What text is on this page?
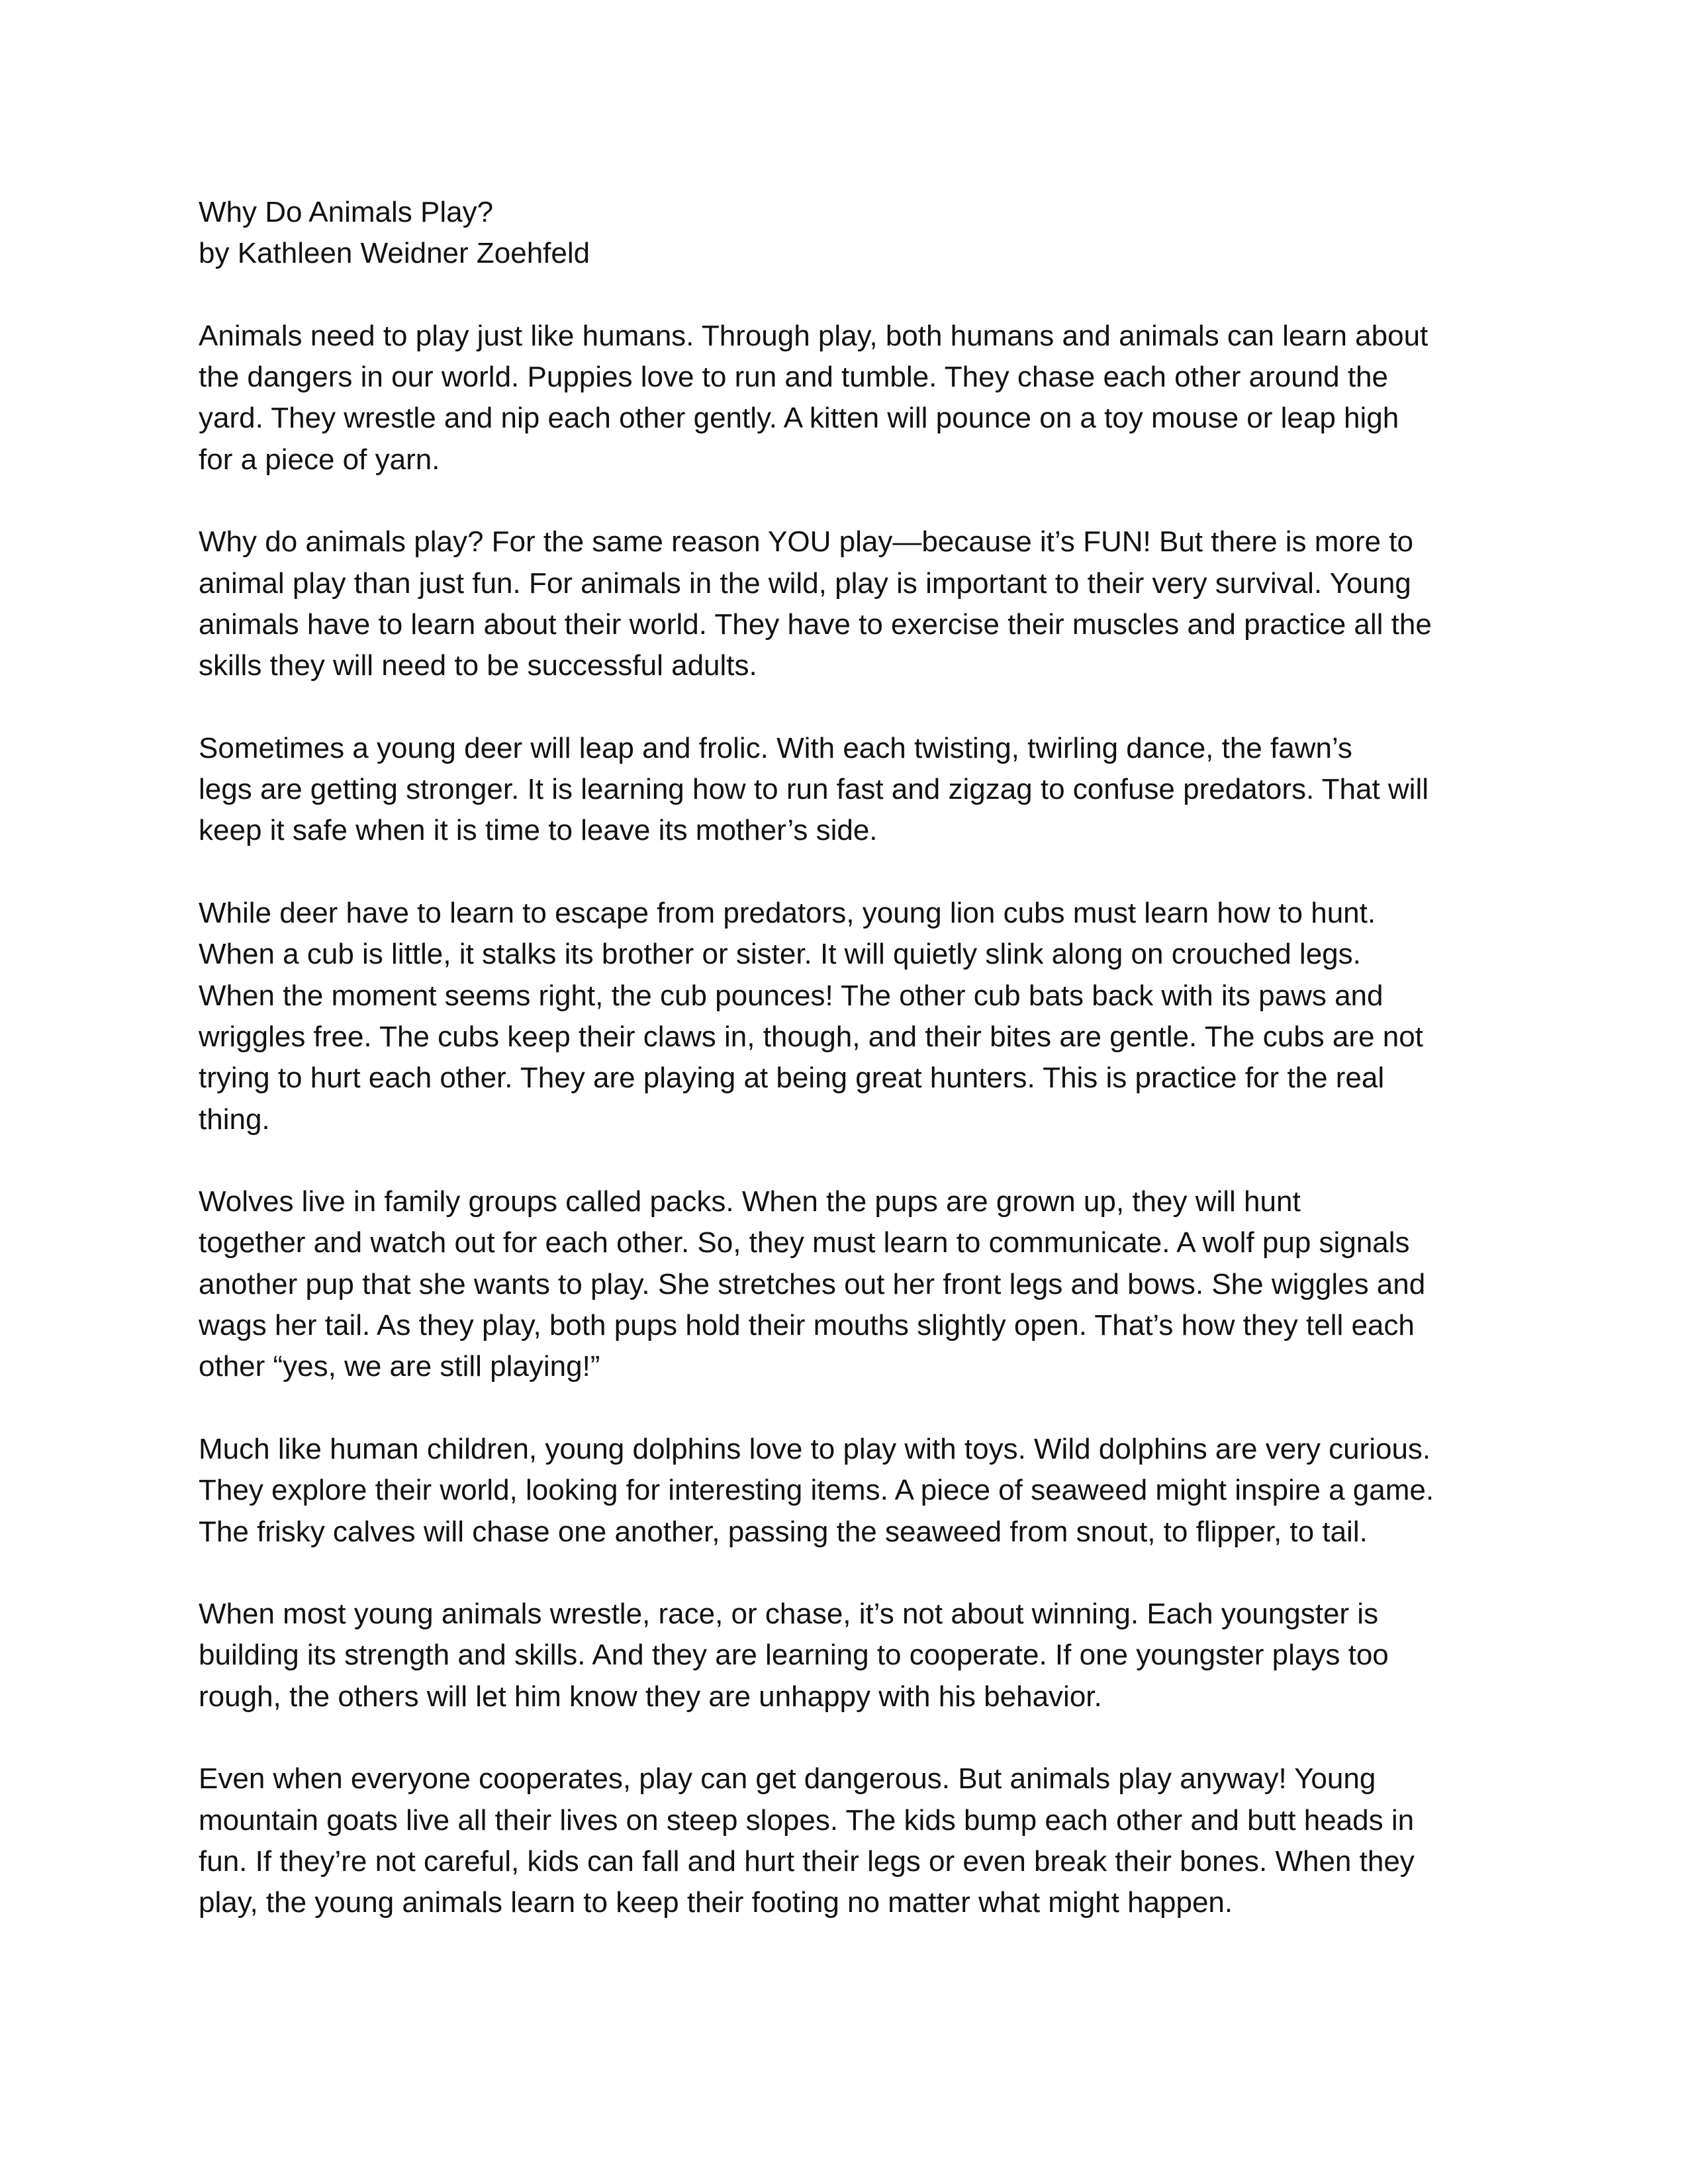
Why Do Animals Play?

by Kathleen Weidner Zoehfeld

Animals need to play just like humans. Through play, both humans and animals can learn about
the dangers in our world. Puppies love to run and tumble. They chase each other around the
yard. They wrestle and nip each other gently. A kitten will pounce on a toy mouse or leap high
for a piece of yarn.

Why do animals play? For the same reason YOU play—because it’s FUN! But there is more to
animal play than just fun. For animals in the wild, play is important to their very survival. Young
animals have to learn about their world. They have to exercise their muscles and practice all the
skills they will need to be successful adults.

Sometimes a young deer will leap and frolic. With each twisting, twirling dance, the fawn’s
legs are getting stronger. It is learning how to run fast and zigzag to confuse predators. That will
keep it safe when it is time to leave its mother’s side.

While deer have to learn to escape from predators, young lion cubs must learn how to hunt.
When a cub is little, it stalks its brother or sister. It will quietly slink along on crouched legs.
When the moment seems right, the cub pounces! The other cub bats back with its paws and
wriggles free. The cubs keep their claws in, though, and their bites are gentle. The cubs are not
trying to hurt each other. They are playing at being great hunters. This is practice for the real
thing.

Wolves live in family groups called packs. When the pups are grown up, they will hunt
together and watch out for each other. So, they must learn to communicate. A wolf pup signals
another pup that she wants to play. She stretches out her front legs and bows. She wiggles and
wags her tail. As they play, both pups hold their mouths slightly open. That’s how they tell each
other “yes, we are still playing!”

Much like human children, young dolphins love to play with toys. Wild dolphins are very curious.
They explore their world, looking for interesting items. A piece of seaweed might inspire a game.
The frisky calves will chase one another, passing the seaweed from snout, to flipper, to tail.

When most young animals wrestle, race, or chase, it’s not about winning. Each youngster is
building its strength and skills. And they are learning to cooperate. If one youngster plays too
rough, the others will let him know they are unhappy with his behavior.

Even when everyone cooperates, play can get dangerous. But animals play anyway! Young
mountain goats live all their lives on steep slopes. The kids bump each other and butt heads in
fun. If they’re not careful, kids can fall and hurt their legs or even break their bones. When they
play, the young animals learn to keep their footing no matter what might happen.
